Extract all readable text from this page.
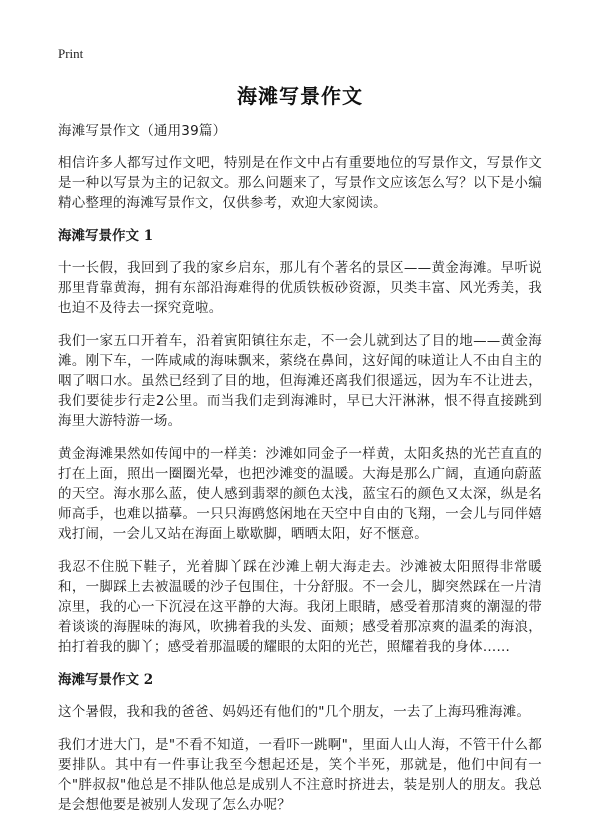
Print
海滩写景作文

海滩写景作文（通用39篇）

相信许多人都写过作文吧，特别是在作文中占有重要地位的写景作文，写景作文是一种以写景为主的记叙文。那么问题来了，写景作文应该怎么写？以下是小编精心整理的海滩写景作文，仅供参考，欢迎大家阅读。

海滩写景作文 1

十一长假，我回到了我的家乡启东，那儿有个著名的景区——黄金海滩。早听说那里背靠黄海，拥有东部沿海难得的优质铁板砂资源，贝类丰富、风光秀美，我也迫不及待去一探究竟啦。

我们一家五口开着车，沿着寅阳镇往东走，不一会儿就到达了目的地——黄金海滩。刚下车，一阵咸咸的海味飘来，萦绕在鼻间，这好闻的味道让人不由自主的咽了咽口水。虽然已经到了目的地，但海滩还离我们很遥远，因为车不让进去，我们要徒步行走2公里。而当我们走到海滩时，早已大汗淋淋，恨不得直接跳到海里大游特游一场。

黄金海滩果然如传闻中的一样美：沙滩如同金子一样黄，太阳炙热的光芒直直的打在上面，照出一圈圈光晕，也把沙滩变的温暖。大海是那么广阔，直通向蔚蓝的天空。海水那么蓝，使人感到翡翠的颜色太浅，蓝宝石的颜色又太深，纵是名师高手，也难以描摹。一只只海鸥悠闲地在天空中自由的飞翔，一会儿与同伴嬉戏打闹，一会儿又站在海面上歇歇脚，晒晒太阳，好不惬意。

我忍不住脱下鞋子，光着脚丫踩在沙滩上朝大海走去。沙滩被太阳照得非常暖和，一脚踩上去被温暖的沙子包围住，十分舒服。不一会儿，脚突然踩在一片清凉里，我的心一下沉浸在这平静的大海。我闭上眼睛，感受着那清爽的潮湿的带着谈谈的海腥味的海风，吹拂着我的头发、面颊；感受着那凉爽的温柔的海浪，拍打着我的脚丫；感受着那温暖的耀眼的太阳的光芒，照耀着我的身体……

海滩写景作文 2

这个暑假，我和我的爸爸、妈妈还有他们的"几个朋友，一去了上海玛雅海滩。

我们才进大门，是"不看不知道，一看吓一跳啊"，里面人山人海，不管干什么都要排队。其中有一件事让我至今想起还是，笑个半死，那就是，他们中间有一个"胖叔叔"他总是不排队他总是成别人不注意时挤进去，装是别人的朋友。我总是会想他要是被别人发现了怎么办呢？
